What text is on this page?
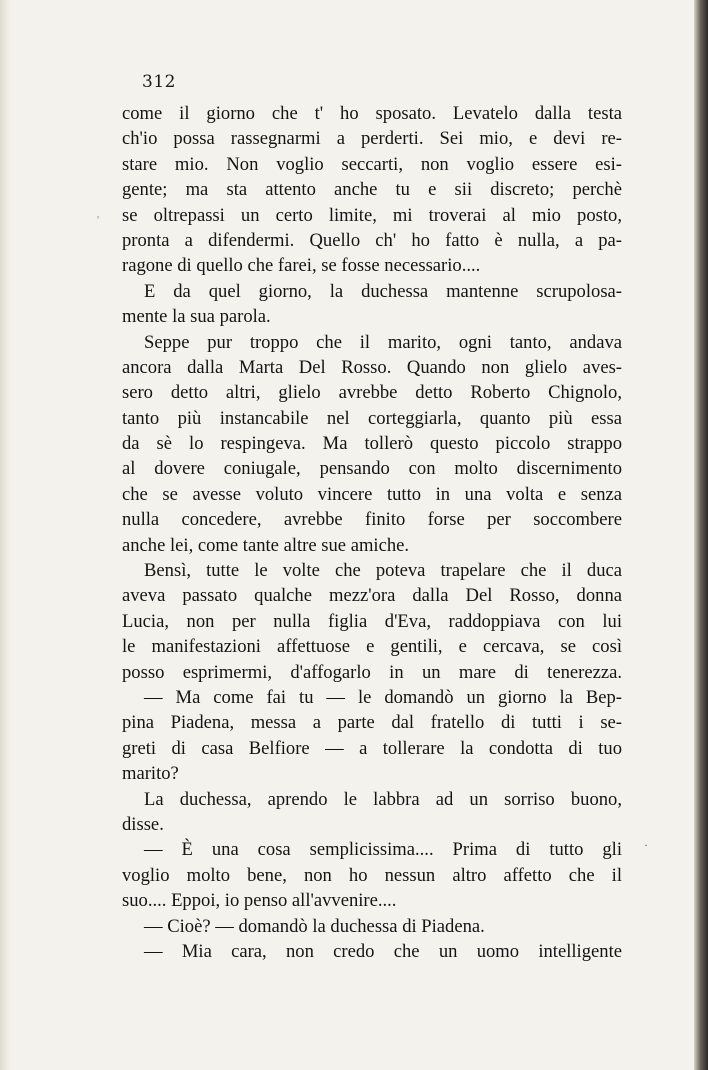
312
come il giorno che t' ho sposato. Levatelo dalla testa
ch'io possa rassegnarmi a perderti. Sei mio, e devi re-
stare mio. Non voglio seccarti, non voglio essere esi-
gente; ma sta attento anche tu e sii discreto; perchè
se oltrepassi un certo limite, mi troverai al mio posto,
pronta a difendermi. Quello ch' ho fatto è nulla, a pa-
ragone di quello che farei, se fosse necessario....
E da quel giorno, la duchessa mantenne scrupolosa-
mente la sua parola.
Seppe pur troppo che il marito, ogni tanto, andava
ancora dalla Marta Del Rosso. Quando non glielo aves-
sero detto altri, glielo avrebbe detto Roberto Chignolo,
tanto più instancabile nel corteggiarla, quanto più essa
da sè lo respingeva. Ma tollerò questo piccolo strappo
al dovere coniugale, pensando con molto discernimento
che se avesse voluto vincere tutto in una volta e senza
nulla concedere, avrebbe finito forse per soccombere
anche lei, come tante altre sue amiche.
Bensì, tutte le volte che poteva trapelare che il duca
aveva passato qualche mezz'ora dalla Del Rosso, donna
Lucia, non per nulla figlia d'Eva, raddoppiava con lui
le manifestazioni affettuose e gentili, e cercava, se così
posso esprimermi, d'affogarlo in un mare di tenerezza.
— Ma come fai tu — le domandò un giorno la Bep-
pina Piadena, messa a parte dal fratello di tutti i se-
greti di casa Belfiore — a tollerare la condotta di tuo
marito?
La duchessa, aprendo le labbra ad un sorriso buono,
disse.
— È una cosa semplicissima.... Prima di tutto gli
voglio molto bene, non ho nessun altro affetto che il
suo.... Eppoi, io penso all'avvenire....
— Cioè? — domandò la duchessa di Piadena.
— Mia cara, non credo che un uomo intelligente
˒
·
